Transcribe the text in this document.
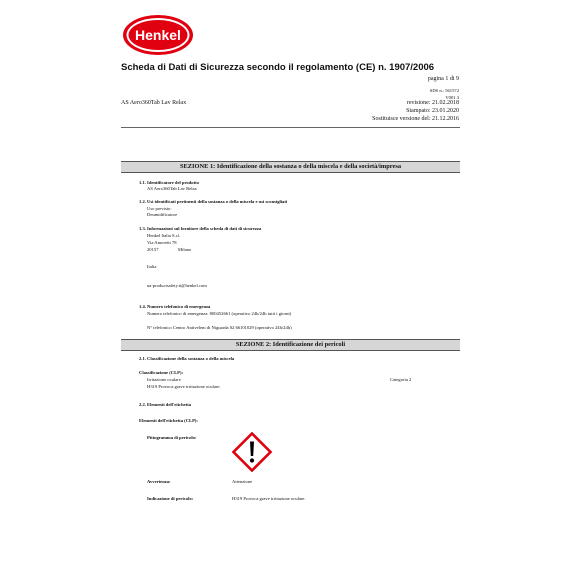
Henkel
Scheda di Dati di Sicurezza secondo il regolamento (CE) n. 1907/2006
pagina 1 di 9
SDS n.: 561572
V001.3
AS Aero360Tab Lav Relax	revisione: 21.02.2018
Stampato: 23.01.2020
Sostituisce versione del: 21.12.2016
SEZIONE 1: Identificazione della sostanza o della miscela e della società/impresa
1.1. Identificatore del prodotto
AS Aero360Tab Lav Relax
1.2. Usi identificati pertinenti della sostanza o della miscela e usi sconsigliati
Uso previsto:
Deumidificatore
1.3. Informazioni sul fornitore della scheda di dati di sicurezza
Henkel Italia S.r.l.
Via Amoretti 78
20157	Milano
Italia
ua-productsafety.it@henkel.com
1.4. Numero telefonico di emergenza
Numero telefonico di emergenza: 800452661 (operativo 24h/24h tutti i giorni)
N° telefonico Centro Antiveleni di Niguarda 02 66101029 (operativo 24h/24h)
SEZIONE 2: Identificazione dei pericoli
2.1. Classificazione della sostanza o della miscela
Classificazione (CLP):
Irritazione oculare	Categoria 2
H319 Provoca grave irritazione oculare.
2.2. Elementi dell'etichetta
Elementi dell'etichetta (CLP):
Pittogramma di pericolo:
Avvertenza:	Attenzione
Indicazione di pericolo:	H319 Provoca grave irritazione oculare.
